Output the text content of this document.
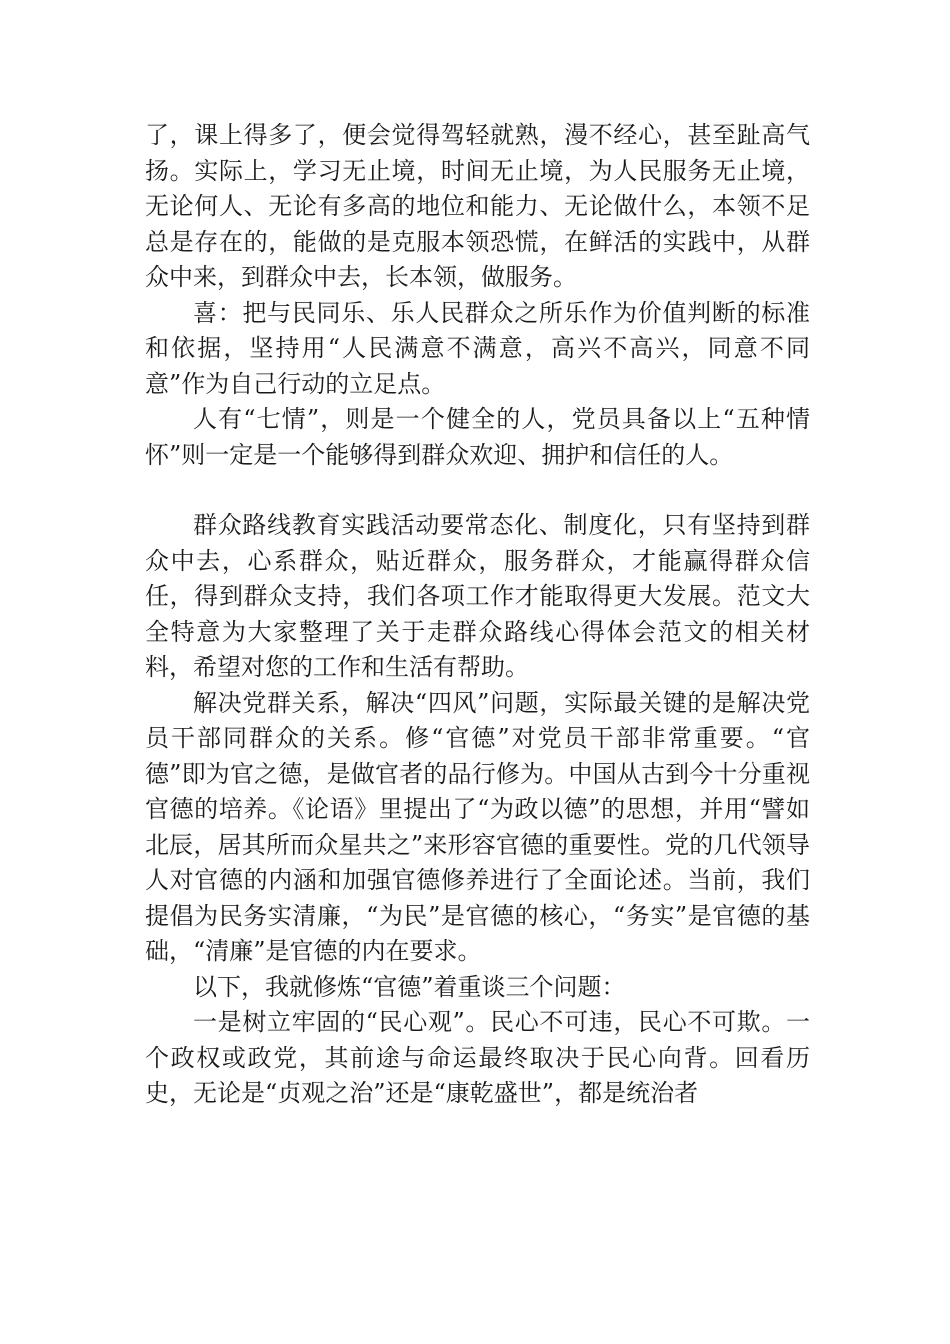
了，课上得多了，便会觉得驾轻就熟，漫不经心，甚至趾高气扬。实际上，学习无止境，时间无止境，为人民服务无止境，无论何人、无论有多高的地位和能力、无论做什么，本领不足总是存在的，能做的是克服本领恐慌，在鲜活的实践中，从群众中来，到群众中去，长本领，做服务。

喜：把与民同乐、乐人民群众之所乐作为价值判断的标准和依据，坚持用“人民满意不满意，高兴不高兴，同意不同意”作为自己行动的立足点。

人有“七情”，则是一个健全的人，党员具备以上“五种情怀”则一定是一个能够得到群众欢迎、拥护和信任的人。

群众路线教育实践活动要常态化、制度化，只有坚持到群众中去，心系群众，贴近群众，服务群众，才能赢得群众信任，得到群众支持，我们各项工作才能取得更大发展。范文大全特意为大家整理了关于走群众路线心得体会范文的相关材料，希望对您的工作和生活有帮助。

解决党群关系，解决“四风”问题，实际最关键的是解决党员干部同群众的关系。修“官德”对党员干部非常重要。“官德”即为官之德，是做官者的品行修为。中国从古到今十分重视官德的培养。《论语》里提出了“为政以德”的思想，并用“譬如北辰，居其所而众星共之”来形容官德的重要性。党的几代领导人对官德的内涵和加强官德修养进行了全面论述。当前，我们提倡为民务实清廉，“为民”是官德的核心，“务实”是官德的基础，“清廉”是官德的内在要求。

以下，我就修炼“官德”着重谈三个问题：

一是树立牢固的“民心观”。民心不可违，民心不可欺。一个政权或政党，其前途与命运最终取决于民心向背。回看历史，无论是“贞观之治”还是“康乾盛世”，都是统治者
